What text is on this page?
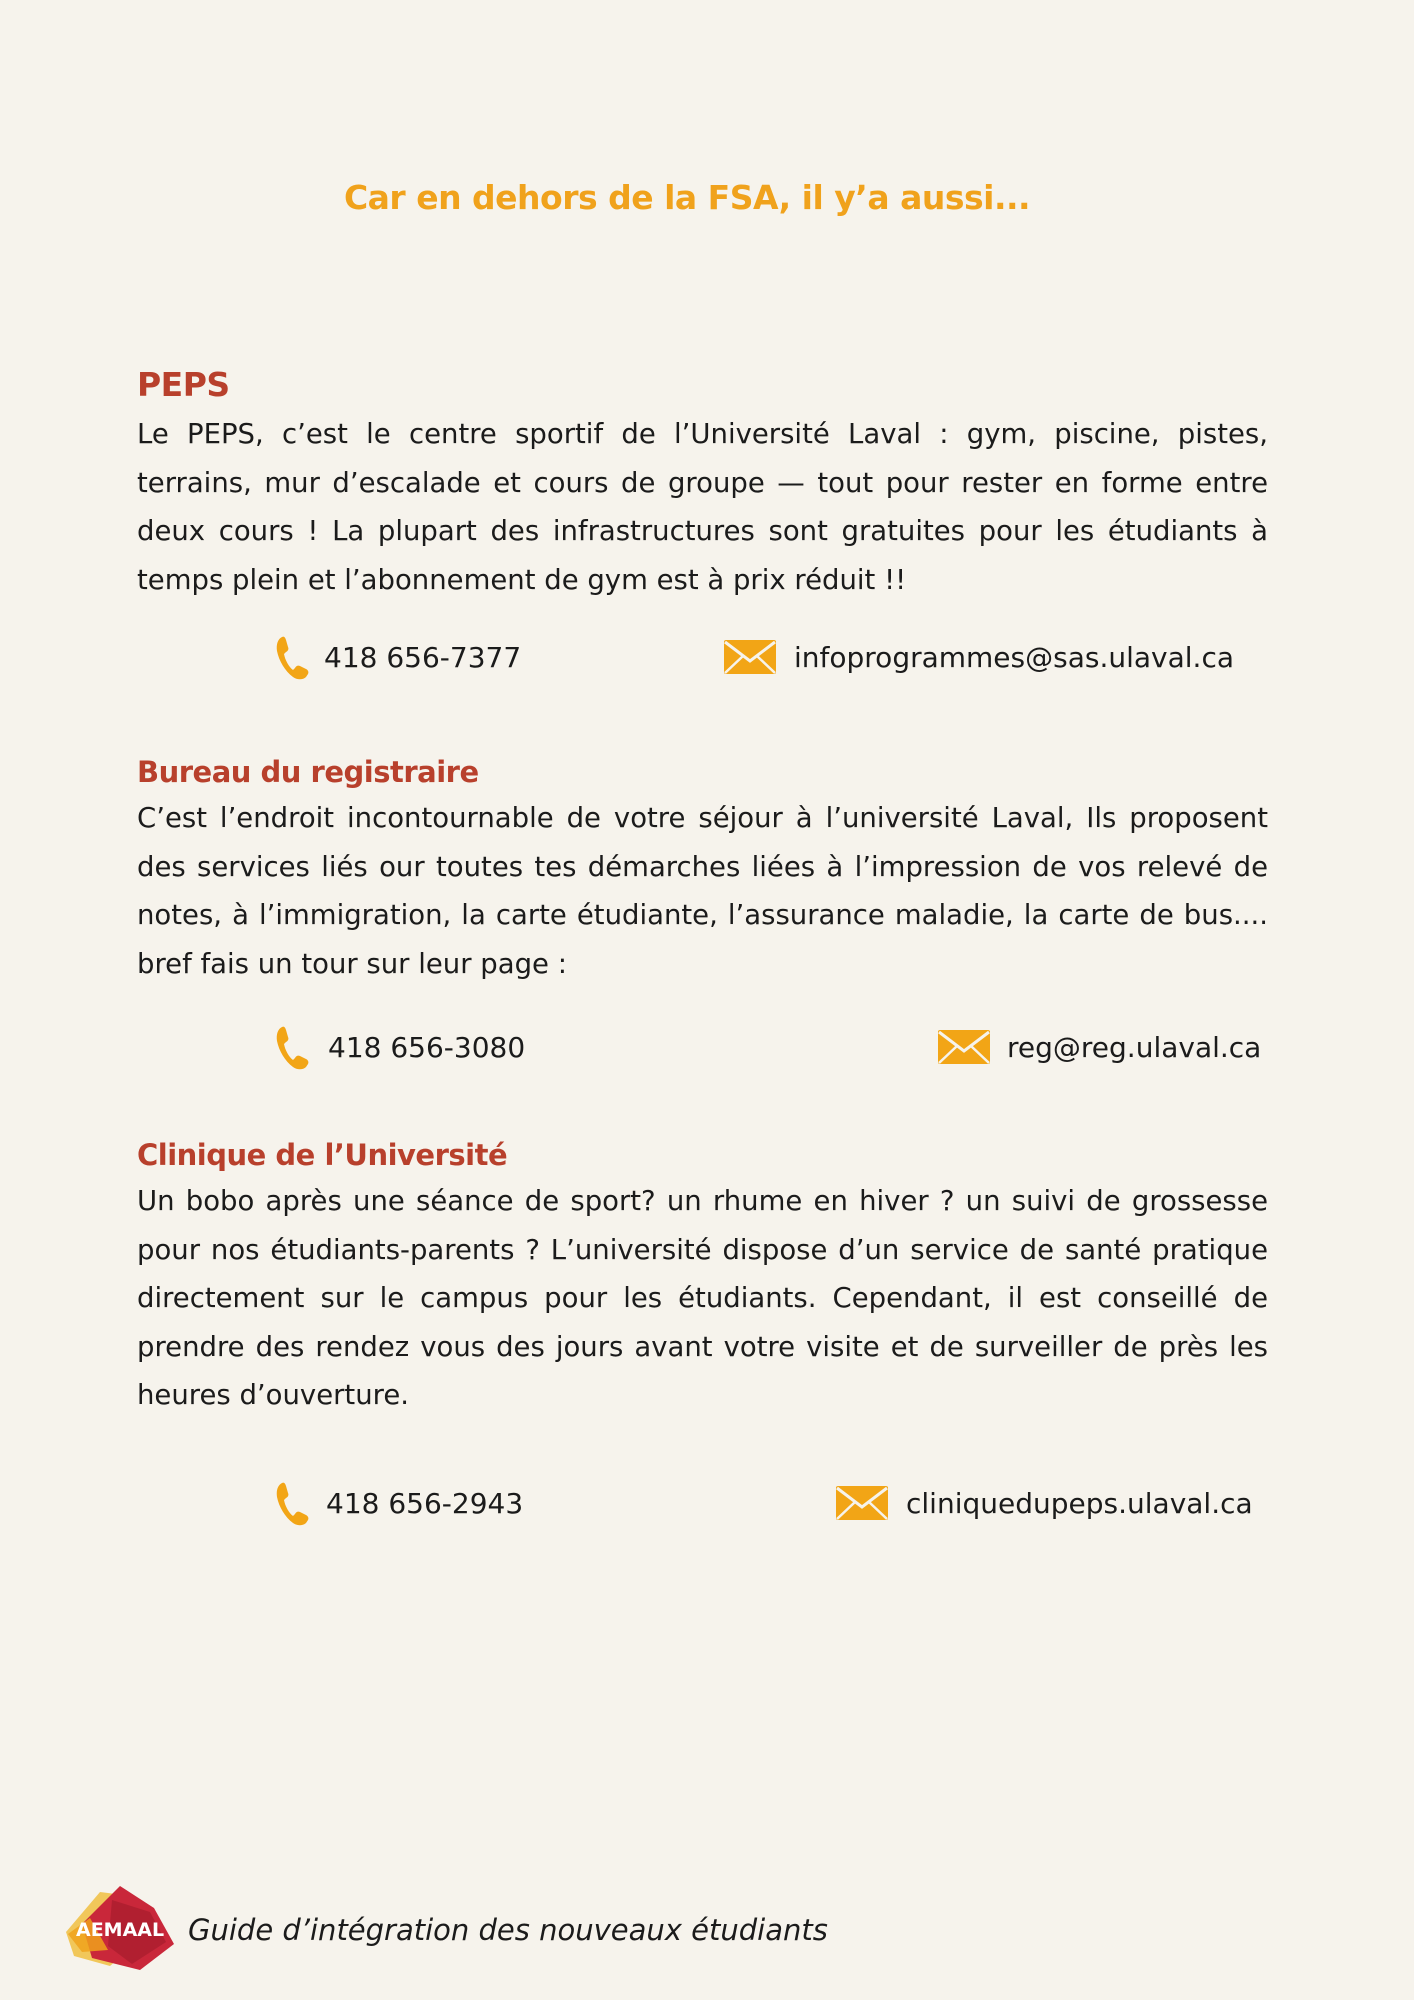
Car en dehors de la FSA, il y’a aussi...
PEPS

Le PEPS, c’est le centre sportif de l’Université Laval : gym, piscine, pistes, terrains, mur d’escalade et cours de groupe — tout pour rester en forme entre deux cours ! La plupart des infrastructures sont gratuites pour les étudiants à temps plein et l’abonnement de gym est à prix réduit !!

418 656-7377	infoprogrammes@sas.ulaval.ca
Bureau du registraire

C’est l’endroit incontournable de votre séjour à l’université Laval, Ils proposent des services liés our toutes tes démarches liées à l’impression de vos relevé de notes, à l’immigration, la carte étudiante, l’assurance maladie, la carte de bus.... bref fais un tour sur leur page :

418 656-3080	reg@reg.ulaval.ca
Clinique de l’Université

Un bobo après une séance de sport? un rhume en hiver ? un suivi de grossesse pour nos étudiants-parents ? L’université dispose d’un service de santé pratique directement sur le campus pour les étudiants. Cependant, il est conseillé de prendre des rendez vous des jours avant votre visite et de surveiller de près les heures d’ouverture.

418 656-2943	cliniquedupeps.ulaval.ca
AEMAAL Guide d’intégration des nouveaux étudiants
